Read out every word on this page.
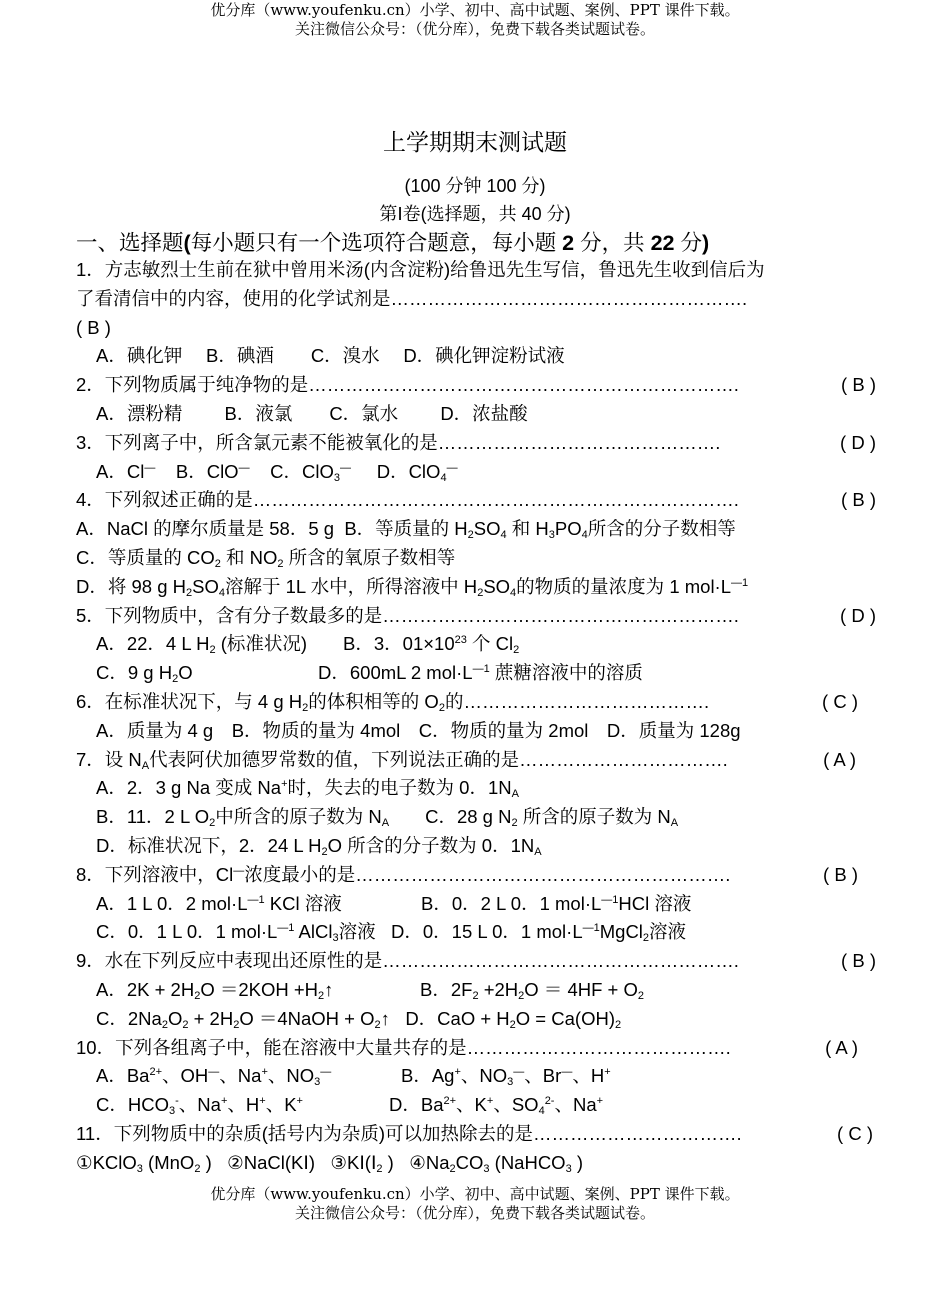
优分库（www.youfenku.cn）小学、初中、高中试题、案例、PPT 课件下载。
关注微信公众号：（优分库），免费下载各类试题试卷。
上学期期末测试题
(100 分钟 100 分)
第Ⅰ卷(选择题，共 40 分)
一、选择题(每小题只有一个选项符合题意，每小题 2 分，共 22 分)
1．方志敏烈士生前在狱中曾用米汤(内含淀粉)给鲁迅先生写信，鲁迅先生收到信后为
了看清信中的内容，使用的化学试剂是………………………………………………….
( B )
A．碘化钾　 B．碘酒　　C．溴水　 D．碘化钾淀粉试液
2．下列物质属于纯净物的是…………………………………………………………….	( B )
A．漂粉精　　 B．液氯　　C．氯水　　 D．浓盐酸
3．下列离子中，所含氯元素不能被氧化的是……………………………………….	( D )
A．Cl— B．ClO— C．ClO$_3$— D．ClO$_4$—
4．下列叙述正确的是…………………………………………………………………….	( B )
A．NaCl 的摩尔质量是 58．5 g B．等质量的 $H_2SO_4$ 和 $H_3PO_4$所含的分子数相等
C．等质量的 $CO_2$ 和 $NO_2$ 所含的氧原子数相等
D．将 98 g $H_2SO_4$溶解于 1L 水中，所得溶液中 $H_2SO_4$的物质的量浓度为 1 $mol\cdot L^{—1}$
5．下列物质中，含有分子数最多的是………………………………………………….	( D )
A．22．4 L $H_2$ (标准状况) B．3．$01\times 10^{23}$ 个 $Cl_2$
C．9 g $H_2O$	D．600mL 2 $mol\cdot L^{—1}$ 蔗糖溶液中的溶质
6．在标准状况下，与 4 g $H_2$的体积相等的 $O_2$的………………………………….	( C )
A．质量为 4 g　B．物质的量为 4mol　C．物质的量为 2mol　D．质量为 128g
7．设 $N_A$代表阿伏加德罗常数的值，下列说法正确的是…………………………….	( A )
A．2．3 g Na 变成 Na+时，失去的电子数为 0．$1N_A$
B．11．2 L $O_2$中所含的原子数为 $N_A$ C．28 g $N_2$ 所含的原子数为 $N_A$
D．标准状况下，2．24 L $H_2O$ 所含的分子数为 0．$1N_A$
8．下列溶液中，Cl—浓度最小的是…………………………………………………….	( B )
A．1 L 0．2 $mol\cdot L^{—1}$ KCl 溶液	B．0．2 L 0．1 $mol\cdot L^{—1}HCl$ 溶液
C．0．1 L 0．1 $mol\cdot L^{—1}$ AlCl$_3$溶液 D．0．15 L 0．1 $mol\cdot L^{—1}MgCl_2$溶液
9．水在下列反应中表现出还原性的是………………………………………………….	( B )
A．$2K + 2H_2O =2KOH$ $+H_2↑$	B．$2F_2 +2H_2O = 4HF + O_2$
C．$2Na_2O_2 + 2H_2O$ ＝4NaOH + $O_2↑$ D．CaO + $H_2O = Ca(OH)_2$
10．下列各组离子中，能在溶液中大量共存的是…………………………………….	( A )
A．$Ba^{2+}$、OH—、Na+、$NO_3^—$	B．Ag+、$NO_3^—$、Br—、H+
C．$HCO_3^-$、Na+、H+、K+	D．$Ba^{2+}$、K+、$SO_4^{2-}$、Na+
11．下列物质中的杂质(括号内为杂质)可以加热除去的是…………………………….	( C )
①KClO$_3$ (MnO$_2$ ) ②NaCl(KⅠ) $③KⅠ(Ⅰ_2$ ) $④Na_2CO_3$ (NaHCO$_3$ )
优分库（www.youfenku.cn）小学、初中、高中试题、案例、PPT 课件下载。
关注微信公众号：（优分库），免费下载各类试题试卷。
